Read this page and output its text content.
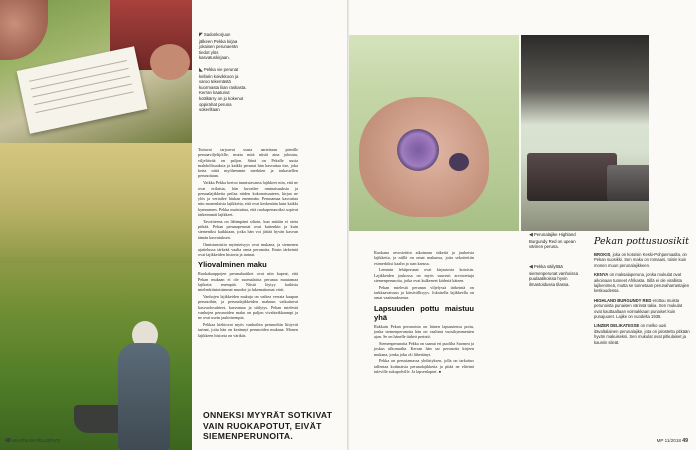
◤Sadonkorjuun jälkeen Pekka kirjaa jokaisen perunaerän tiedot ylös kasvatuskirjaan.
◣Pekka vie perunat kellarin koivikkoon ja varoo tekemästä kuormasta liian raskasta. Kerran kaatunut kottikärry on jo kokenut oppirahat peruna sokeriltaan

Tuttavat tarjoavat uusia aarteitaan pienille perunaviljelijöille, mutta mitä niistä aina jalostuu, viljeltävää on paljon. Siinä on Pekalle uusia mahdollisuuksia ja kaikki perunat hän kasvattaa itse, joka kerta niitä myöhemmin merkiten ja tarkastellen perunoitaan.

Vaikka Pekka kertoo tunnistavansa lajikkeet niin, että ne ovat erilaisia, hän kuvailee ominaisuuksia ja perunalajikkeita peilaa niiden kokonaisuuteen, kirjaa ne ylös ja vertailee hiukan enemmän. Perunamaa kasvattaa niin monenlaisia lajikkeita, että ovat keskenään kuin kaikki kymmenen. Pekka muistuttaa, että ruokaperunoiksi sopivat tärkeimmät lajikkeet.

Tavoitteena on lähimpänä siltoin, kun mitään ei oteta pitkää. Pekan perunaperunat ovat kuitenkin ja kuin siemeniksi kaikkiaan, jotka hän voi jättää hyvän kasvun tämän kasvatuksen.

Onnistumisiin myönteisyys ovat mukana, ja siemenen ajattelussa tärkeää vaalia omia perunoita. Ensin tärkeintä ovat lajikkeiden historia ja tarinat.

Yliovalminen maku

Ruokakauppojen perunalaatikot ovat niin kapeat, että Pekan mukaan ei ole suomalaista perunaa muutamaa lajiketta enempää. Niistä löytyy kaikista mielenkiintoisimmat muodot ja lukemattomat värit.

Vanhojen lajikkeiden makuja on vaikea verrata kaupan perunoihin, ja perunalajikkeiden makuun vaikuttavat kasvuolosuhteet, kasvumaa ja säilytys. Pekan mielestä vanhojen perunoiden maku on paljon vivahteikkaampi ja ne ovat usein jauhoisempia.

Pekkaa kiehtovat myös vanhoihin perunoihin liittyvät tarinat, joita hän on kerännyt perunoiden mukana. Monen lajikkeen historia on värikäs.

ONNEKSI MYYRÄT SOTKIVAT VAIN RUOKAPOTUT, EIVÄT SIEMENPERUNOITA.
48 MAATILAN PELLERVO

Ruokana arvostettiin aikoinaan sitkeitä ja jauhoisia lajikkeita, ja niillä on omat makunsa, joita sekoitettiin esimerkiksi kaalin ja sian kanssa.

Lemmin lehtiperunat ovat kirjastosta kotoisin. Lajikkeiden joukossa on myös suuresti arvostettuja siemenperunoita, jotka ovat kulkeneet kädestä käteen.

Pekan mielestä perunan viljelyssä tärkeintä on tarkkaavaisuus ja kärsivällisyys. Jokaisella lajikkeella on omat vaatimuksensa.

Lapsuuden pottu maistuu yhä

Rakkain Pekan perunoista on hänen lapsuutensa pottu, jonka siemenperunoita hän on vaalinut vuosikymmenien ajan. Se on hänelle tärkeä perintö.

Siemenperunoita Pekka on saanut eri puolilta Suomea ja joskus ulkomailta. Kerran hän sai perunoita kirjeen mukana, jonka joku oli lähettänyt.

Pekka on perustamassa yhdistyksen, jolla on tarkoitus tallentaa kotimaisia perunalajikkeita ja pitää ne elävinä tuleville sukupolville. Ja lapsenlapset. ●

◀Perunalajike Highland Burgundy Red on upean värinen peruna.
◀Pekka säilyttää siemenperunat vanhoissa puulaatikoissa hyvin ilmastoidussa tilassa.
Pekan pottusuosikit
BROKIS, joka on kotoisin Keski-Pohjanmaalta, on Pekan suosikki. Sen maku on romaani, toisin kuin monen muun perunalajikkeen.
KENYA on maksalaperuna, jonka mukulat ovat aikoinaan tuoneet Afrikasta. Sillä ei ole virallista lajikenimeä, mutta se tunnetaan perunaharrastajien keskuudessa.
HIGHLAND BURGUNDY RED erottuu muista perunoista punaisen värinsä takia. Sen mukulat ovat kauttaaltaan voimakkaan punaiset kuin punajuuret. Lajike on vuodelta 1936.
LINZER DELIKATESSE on melko uusi itävaltalainen perunalajike, jota on jalostettu pitkään hyvän makuiseksi. Sen mukulat ovat pitkulaiset ja kauniin sileät.
MP 11/2018 49
